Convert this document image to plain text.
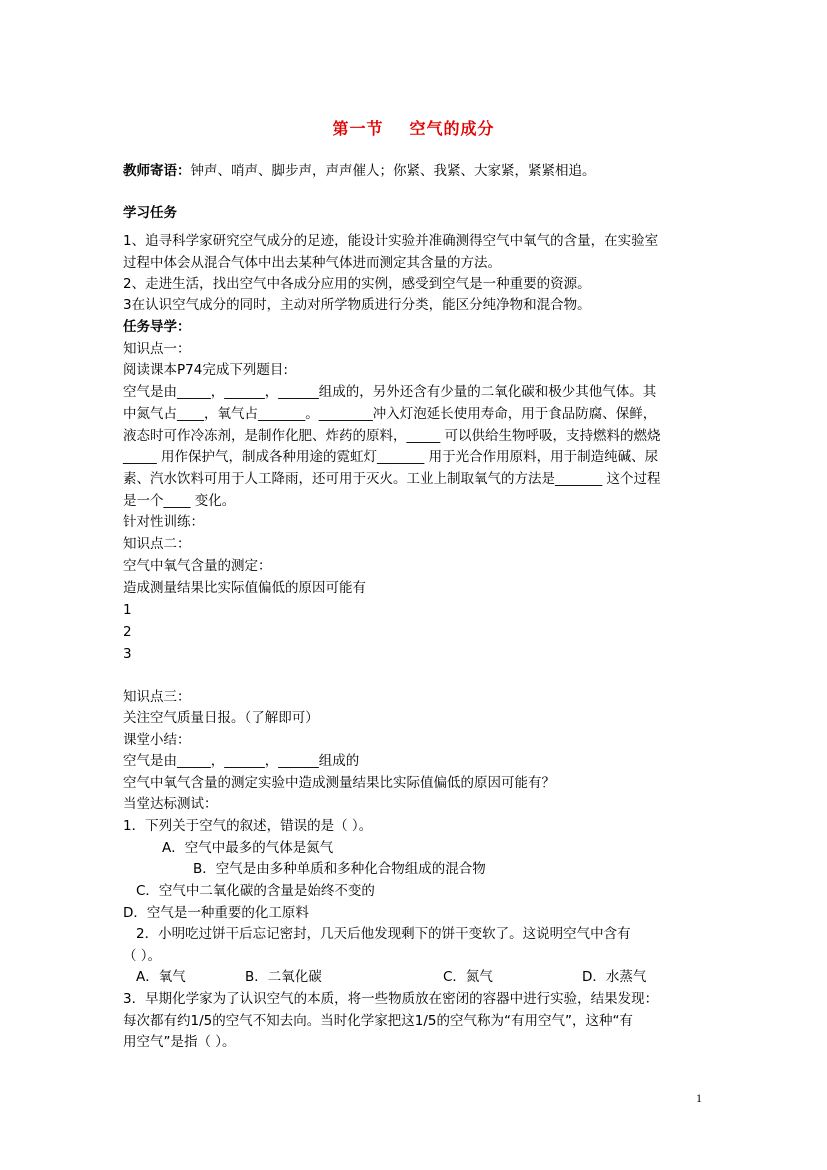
第一节 空气的成分
教师寄语：钟声、哨声、脚步声，声声催人；你紧、我紧、大家紧，紧紧相追。
学习任务
1、追寻科学家研究空气成分的足迹，能设计实验并准确测得空气中氧气的含量，在实验室
过程中体会从混合气体中出去某种气体进而测定其含量的方法。
2、走进生活，找出空气中各成分应用的实例，感受到空气是一种重要的资源。
3在认识空气成分的同时，主动对所学物质进行分类，能区分纯净物和混合物。
任务导学：
知识点一：
阅读课本P74完成下列题目:
空气是由_____，______，______组成的，另外还含有少量的二氧化碳和极少其他气体。其
中氮气占____，氧气占_______。________冲入灯泡延长使用寿命，用于食品防腐、保鲜，
液态时可作冷冻剂，是制作化肥、炸药的原料，_____ 可以供给生物呼吸，支持燃料的燃烧
_____ 用作保护气，制成各种用途的霓虹灯_______ 用于光合作用原料，用于制造纯碱、尿
素、汽水饮料可用于人工降雨，还可用于灭火。工业上制取氧气的方法是_______ 这个过程
是一个____ 变化。
针对性训练：
知识点二：
空气中氧气含量的测定：
造成测量结果比实际值偏低的原因可能有
1
2
3
知识点三：
关注空气质量日报。（了解即可）
课堂小结：
空气是由_____，______，______组成的
空气中氧气含量的测定实验中造成测量结果比实际值偏低的原因可能有？
当堂达标测试：
1．下列关于空气的叙述，错误的是（ ）。
A．空气中最多的气体是氮气
B．空气是由多种单质和多种化合物组成的混合物
C．空气中二氧化碳的含量是始终不变的
D．空气是一种重要的化工原料
2．小明吃过饼干后忘记密封，几天后他发现剩下的饼干变软了。这说明空气中含有
（ ）。
A．氧气	B．二氧化碳	C．氮气	D．水蒸气
3．早期化学家为了认识空气的本质，将一些物质放在密闭的容器中进行实验，结果发现：
每次都有约1/5的空气不知去向。当时化学家把这1/5的空气称为“有用空气”，这种“有
用空气”是指（ ）。
1
